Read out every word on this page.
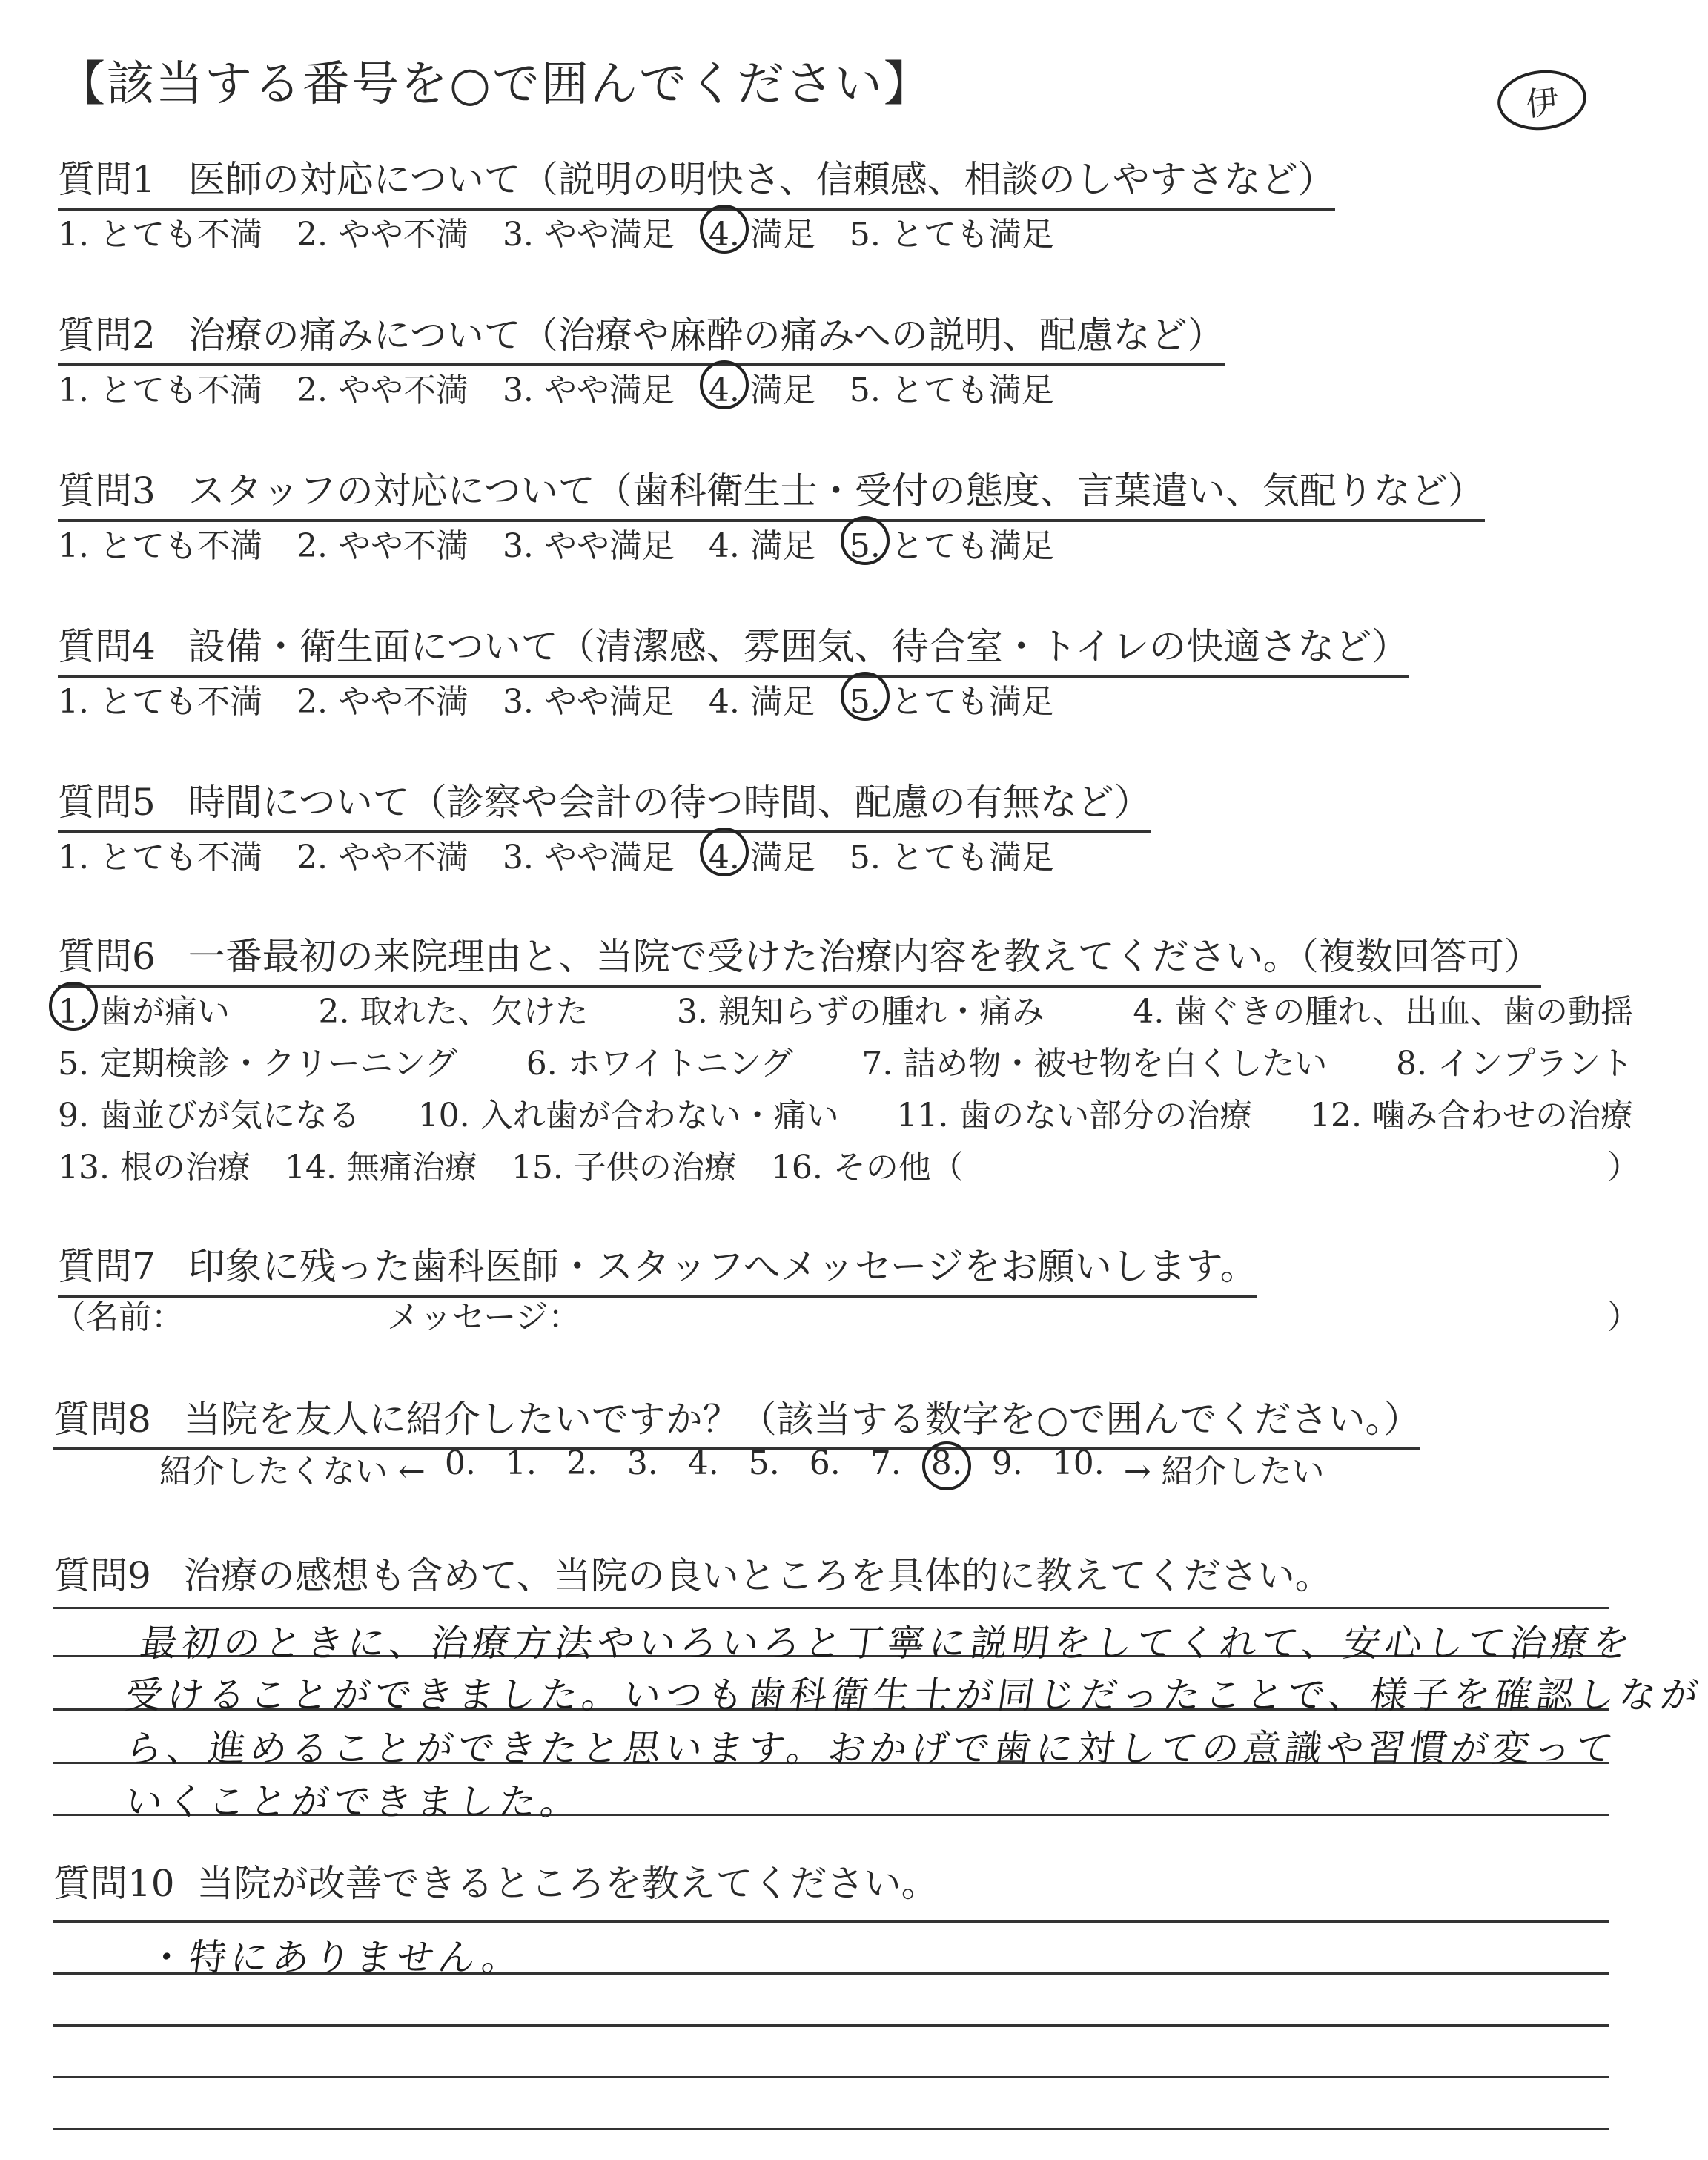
【該当する番号を○で囲んでください】	伊
質問1 医師の対応について（説明の明快さ、信頼感、相談のしやすさなど）
1. とても不満 2. やや不満 3. やや満足 4. 満足 5. とても満足
質問2 治療の痛みについて（治療や麻酔の痛みへの説明、配慮など）
1. とても不満 2. やや不満 3. やや満足 4. 満足 5. とても満足
質問3 スタッフの対応について（歯科衛生士・受付の態度、言葉遣い、気配りなど）
1. とても不満 2. やや不満 3. やや満足 4. 満足 5. とても満足
質問4 設備・衛生面について（清潔感、雰囲気、待合室・トイレの快適さなど）
1. とても不満 2. やや不満 3. やや満足 4. 満足 5. とても満足
質問5 時間について（診察や会計の待つ時間、配慮の有無など）
1. とても不満 2. やや不満 3. やや満足 4. 満足 5. とても満足
質問6 一番最初の来院理由と、当院で受けた治療内容を教えてください。（複数回答可）
1. 歯が痛い	2. 取れた、欠けた	3. 親知らずの腫れ・痛み	4. 歯ぐきの腫れ、出血、歯の動揺
5. 定期検診・クリーニング 6. ホワイトニング 7. 詰め物・被せ物を白くしたい 8. インプラント
9. 歯並びが気になる 10. 入れ歯が合わない・痛い 11. 歯のない部分の治療 12. 噛み合わせの治療
13. 根の治療 14. 無痛治療 15. 子供の治療 16. その他（	）
質問7 印象に残った歯科医師・スタッフへメッセージをお願いします。
（名前：	メッセージ：	）
質問8 当院を友人に紹介したいですか？（該当する数字を○で囲んでください。）
紹介したくない ← 0. 1. 2. 3. 4. 5. 6. 7. 8. 9. 10. → 紹介したい
質問9 治療の感想も含めて、当院の良いところを具体的に教えてください。
最初のときに、治療方法やいろいろと丁寧に説明をしてくれて、安心して治療を
受けることができました。いつも歯科衛生士が同じだったことで、様子を確認しなが
ら、進めることができたと思います。おかげで歯に対しての意識や習慣が変って
いくことができました。
質問10 当院が改善できるところを教えてください。
・特にありません。
